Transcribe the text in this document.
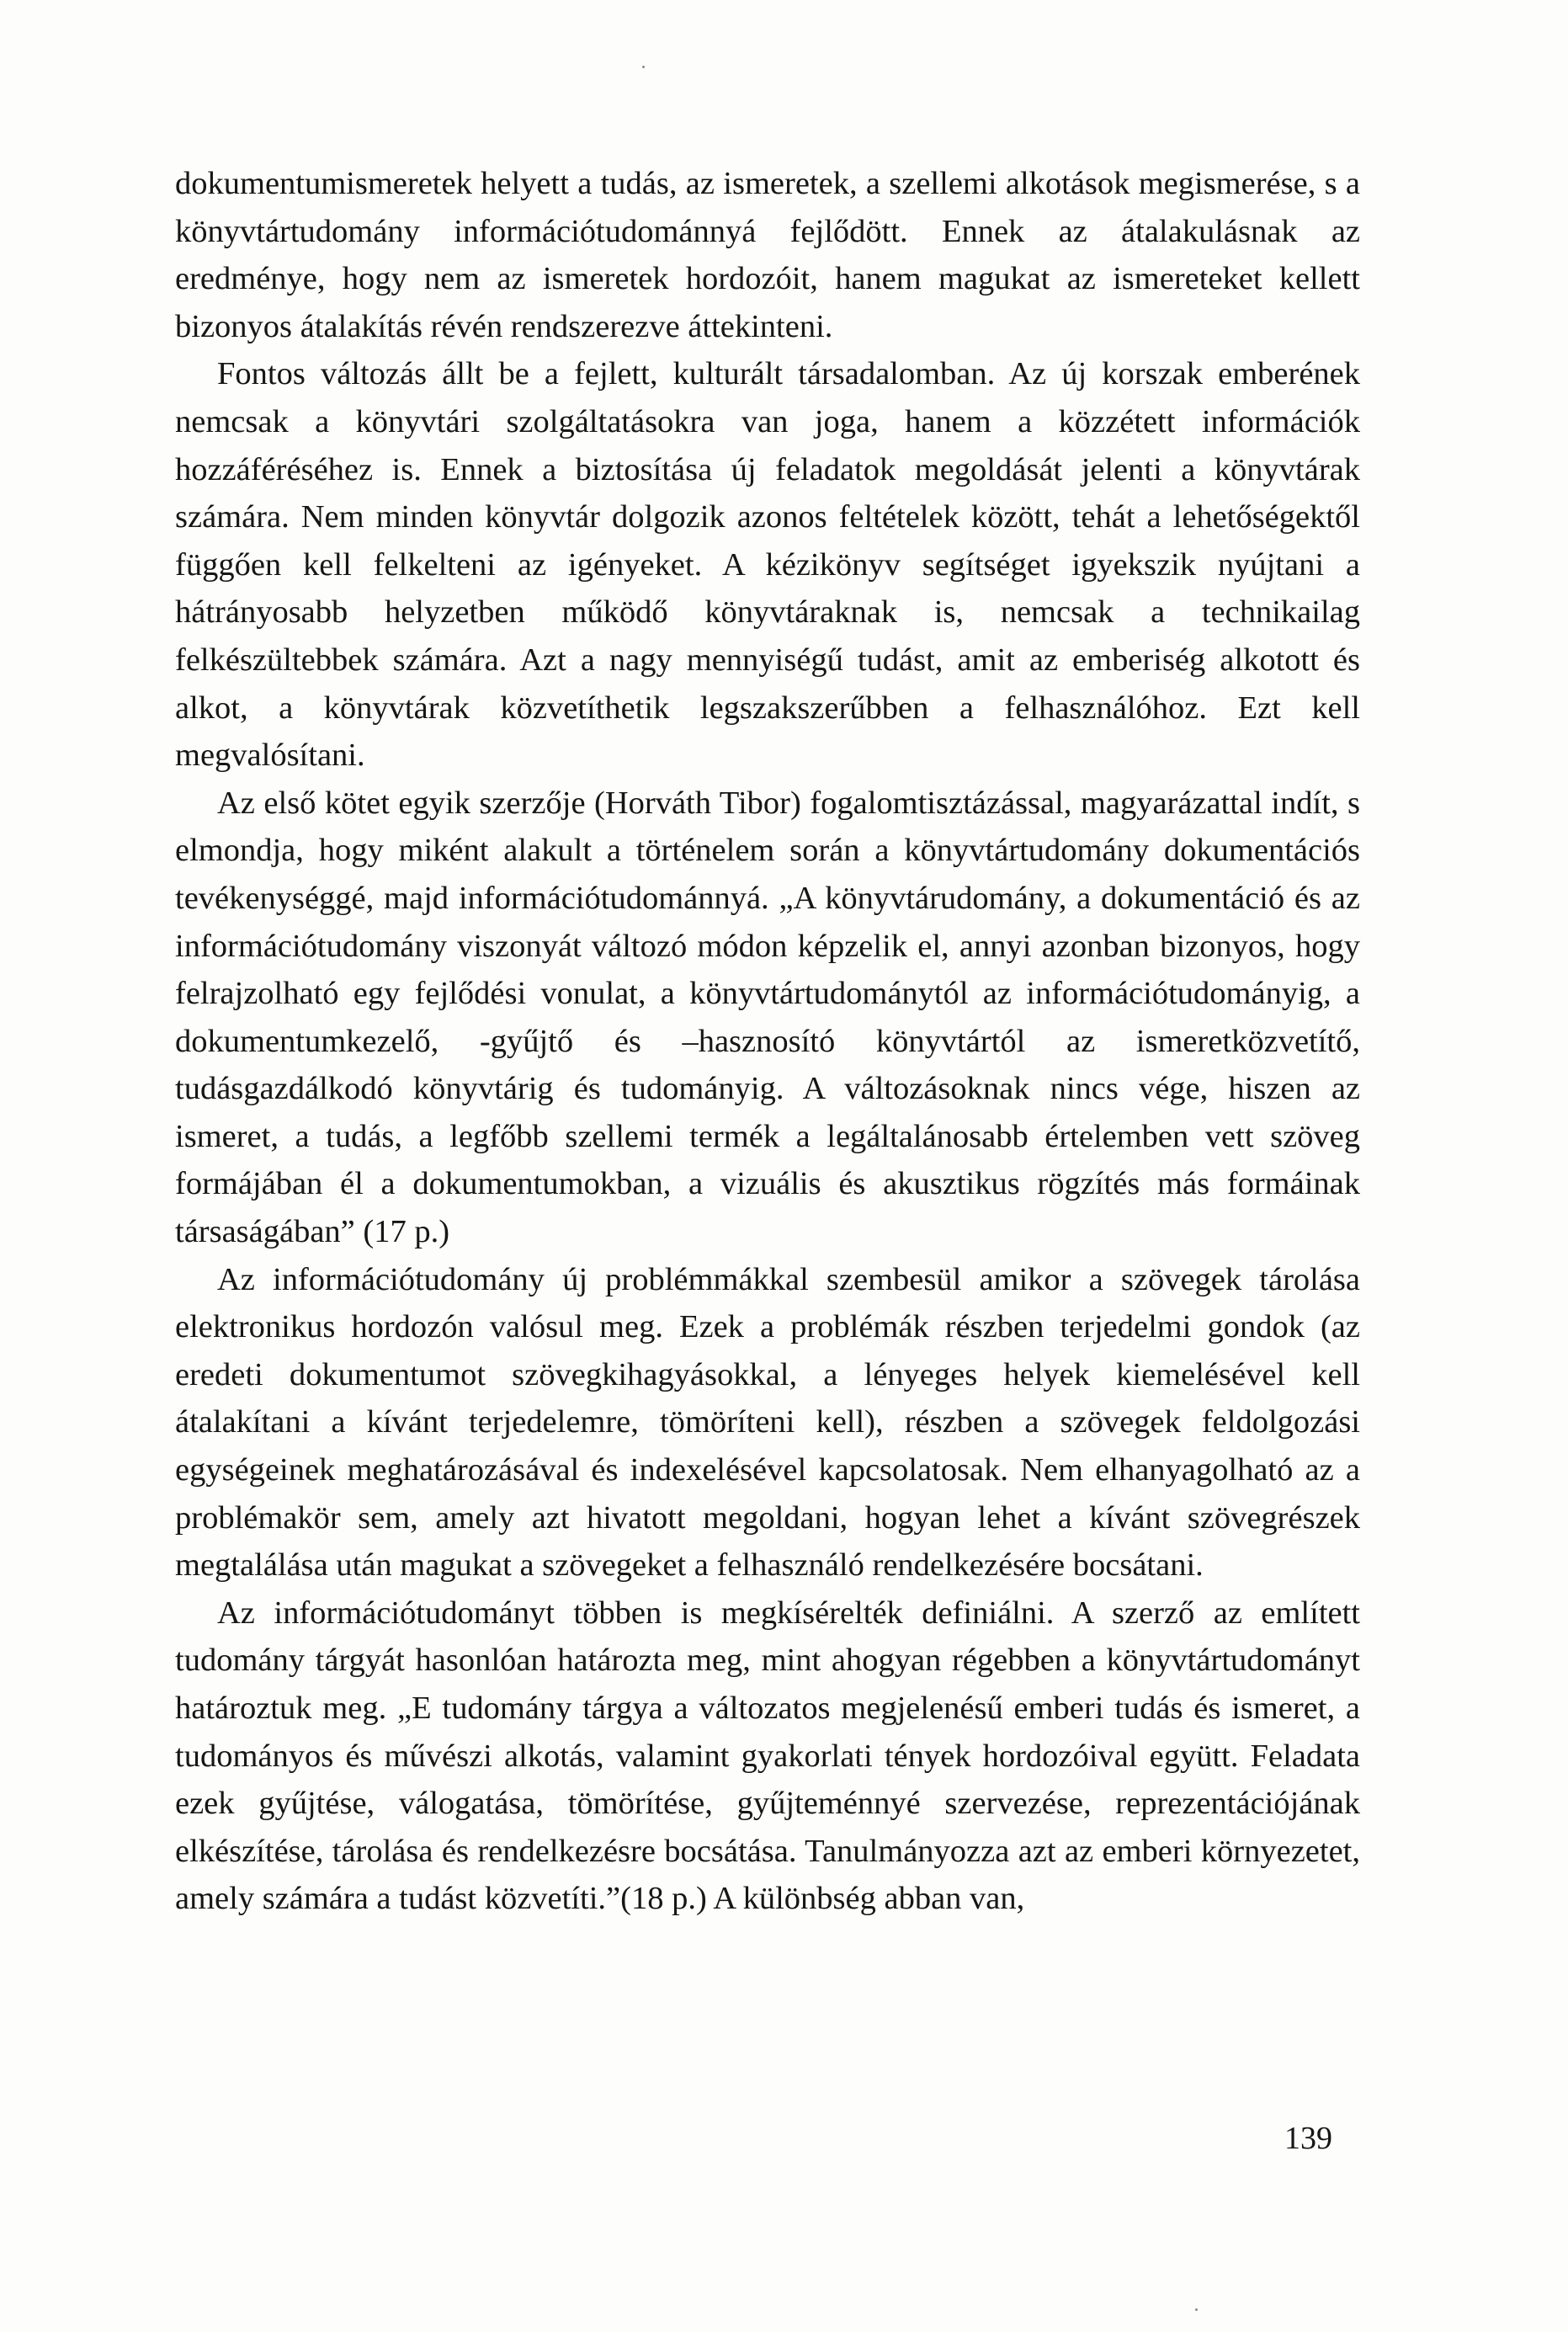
dokumentumismeretek helyett a tudás, az ismeretek, a szellemi alkotások megismerése, s a könyvtártudomány információtudománnyá fejlődött. Ennek az átalakulásnak az eredménye, hogy nem az ismeretek hordozóit, hanem magukat az ismereteket kellett bizonyos átalakítás révén rendszerezve áttekinteni.

Fontos változás állt be a fejlett, kulturált társadalomban. Az új korszak emberének nemcsak a könyvtári szolgáltatásokra van joga, hanem a közzétett információk hozzáféréséhez is. Ennek a biztosítása új feladatok megoldását jelenti a könyvtárak számára. Nem minden könyvtár dolgozik azonos feltételek között, tehát a lehetőségektől függően kell felkelteni az igényeket. A kézikönyv segítséget igyekszik nyújtani a hátrányosabb helyzetben működő könyvtáraknak is, nemcsak a technikailag felkészültebbek számára. Azt a nagy mennyiségű tudást, amit az emberiség alkotott és alkot, a könyvtárak közvetíthetik legszakszerűbben a felhasználóhoz. Ezt kell megvalósítani.

Az első kötet egyik szerzője (Horváth Tibor) fogalomtisztázással, magyarázattal indít, s elmondja, hogy miként alakult a történelem során a könyvtártudomány dokumentációs tevékenységgé, majd információtudománnyá. „A könyvtárudomány, a dokumentáció és az információtudomány viszonyát változó módon képzelik el, annyi azonban bizonyos, hogy felrajzolható egy fejlődési vonulat, a könyvtártudománytól az információtudományig, a dokumentumkezelő, -gyűjtő és –hasznosító könyvtártól az ismeretközvetítő, tudásgazdálkodó könyvtárig és tudományig. A változásoknak nincs vége, hiszen az ismeret, a tudás, a legfőbb szellemi termék a legáltalánosabb értelemben vett szöveg formájában él a dokumentumokban, a vizuális és akusztikus rögzítés más formáinak társaságában” (17 p.)

Az információtudomány új problémmákkal szembesül amikor a szövegek tárolása elektronikus hordozón valósul meg. Ezek a problémák részben terjedelmi gondok (az eredeti dokumentumot szövegkihagyásokkal, a lényeges helyek kiemelésével kell átalakítani a kívánt terjedelemre, tömöríteni kell), részben a szövegek feldolgozási egységeinek meghatározásával és indexelésével kapcsolatosak. Nem elhanyagolható az a problémakör sem, amely azt hivatott megoldani, hogyan lehet a kívánt szövegrészek megtalálása után magukat a szövegeket a felhasználó rendelkezésére bocsátani.

Az információtudományt többen is megkísérelték definiálni. A szerző az említett tudomány tárgyát hasonlóan határozta meg, mint ahogyan régebben a könyvtártudományt határoztuk meg. „E tudomány tárgya a változatos megjelenésű emberi tudás és ismeret, a tudományos és művészi alkotás, valamint gyakorlati tények hordozóival együtt. Feladata ezek gyűjtése, válogatása, tömörítése, gyűjteménnyé szervezése, reprezentációjának elkészítése, tárolása és rendelkezésre bocsátása. Tanulmányozza azt az emberi környezetet, amely számára a tudást közvetíti.”(18 p.) A különbség abban van,

139
